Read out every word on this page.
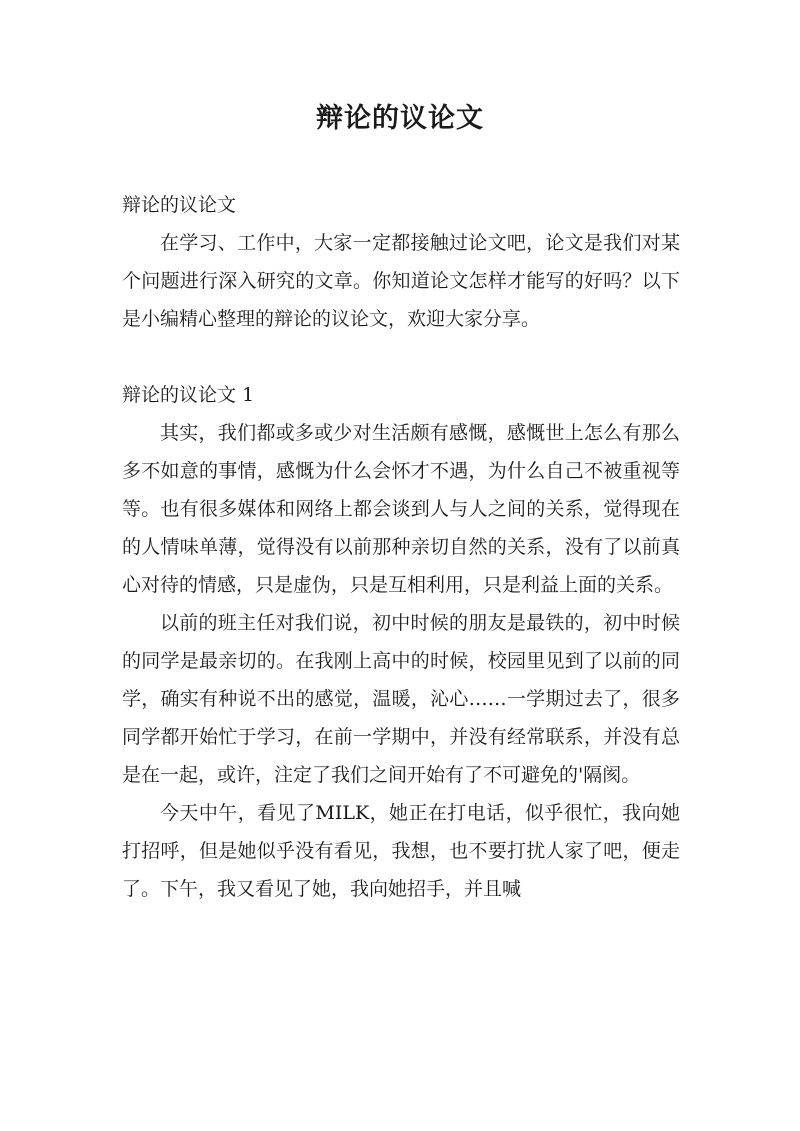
辩论的议论文

辩论的议论文

在学习、工作中，大家一定都接触过论文吧，论文是我们对某个问题进行深入研究的文章。你知道论文怎样才能写的好吗？以下是小编精心整理的辩论的议论文，欢迎大家分享。

辩论的议论文 1

其实，我们都或多或少对生活颇有感慨，感慨世上怎么有那么多不如意的事情，感慨为什么会怀才不遇，为什么自己不被重视等等。也有很多媒体和网络上都会谈到人与人之间的关系，觉得现在的人情味单薄，觉得没有以前那种亲切自然的关系，没有了以前真心对待的情感，只是虚伪，只是互相利用，只是利益上面的关系。

以前的班主任对我们说，初中时候的朋友是最铁的，初中时候的同学是最亲切的。在我刚上高中的时候，校园里见到了以前的同学，确实有种说不出的感觉，温暖，沁心……一学期过去了，很多同学都开始忙于学习，在前一学期中，并没有经常联系，并没有总是在一起，或许，注定了我们之间开始有了不可避免的'隔阂。

今天中午，看见了MILK，她正在打电话，似乎很忙，我向她打招呼，但是她似乎没有看见，我想，也不要打扰人家了吧，便走了。下午，我又看见了她，我向她招手，并且喊
